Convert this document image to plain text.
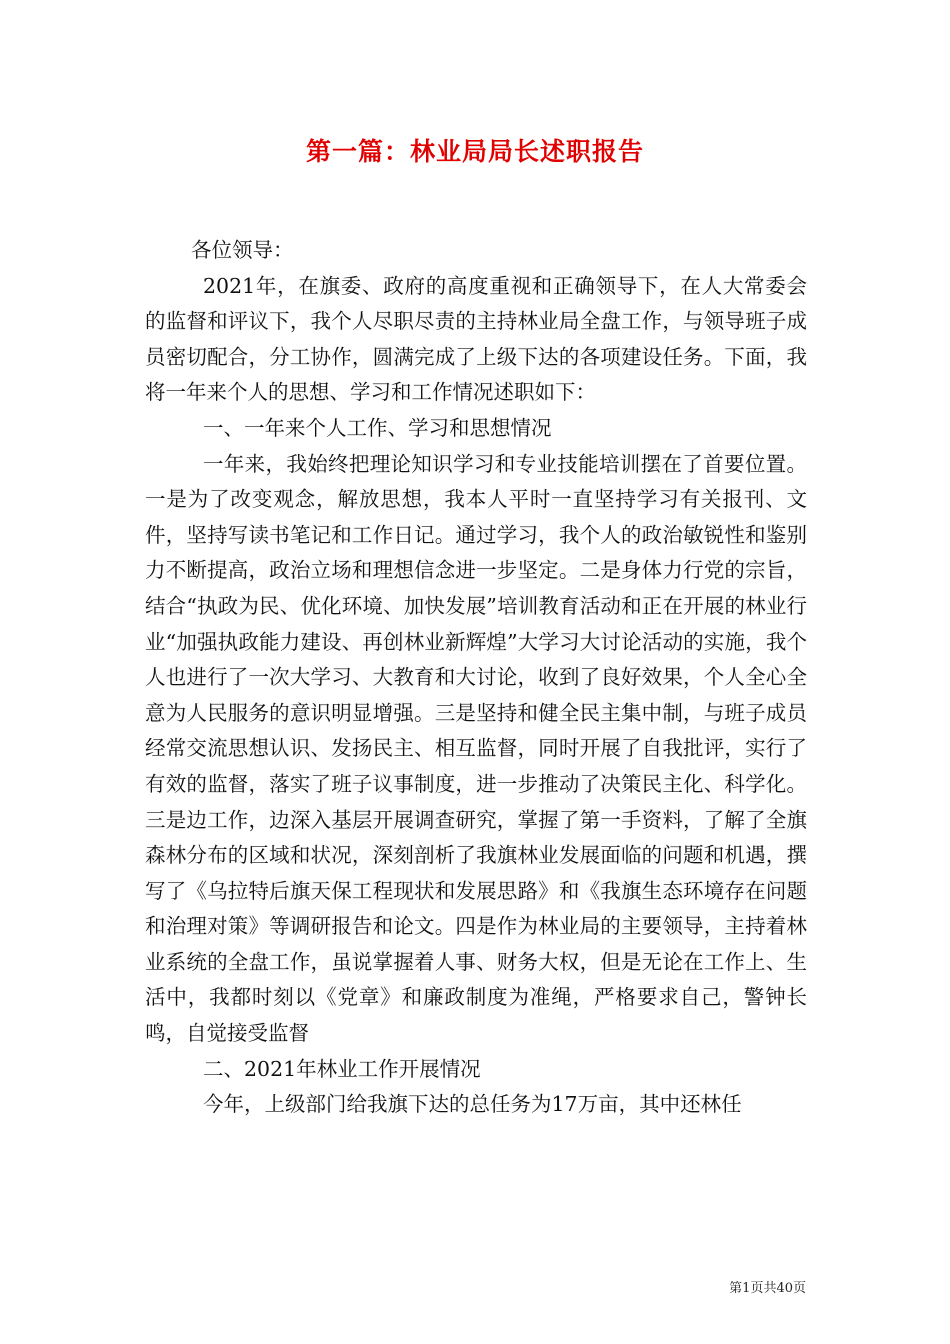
第一篇：林业局局长述职报告

各位领导：

2021年，在旗委、政府的高度重视和正确领导下，在人大常委会的监督和评议下，我个人尽职尽责的主持林业局全盘工作，与领导班子成员密切配合，分工协作，圆满完成了上级下达的各项建设任务。下面，我将一年来个人的思想、学习和工作情况述职如下：

一、一年来个人工作、学习和思想情况

一年来，我始终把理论知识学习和专业技能培训摆在了首要位置。一是为了改变观念，解放思想，我本人平时一直坚持学习有关报刊、文件，坚持写读书笔记和工作日记。通过学习，我个人的政治敏锐性和鉴别力不断提高，政治立场和理想信念进一步坚定。二是身体力行党的宗旨，结合“执政为民、优化环境、加快发展”培训教育活动和正在开展的林业行业“加强执政能力建设、再创林业新辉煌”大学习大讨论活动的实施，我个人也进行了一次大学习、大教育和大讨论，收到了良好效果，个人全心全意为人民服务的意识明显增强。三是坚持和健全民主集中制，与班子成员经常交流思想认识、发扬民主、相互监督，同时开展了自我批评，实行了有效的监督，落实了班子议事制度，进一步推动了决策民主化、科学化。三是边工作，边深入基层开展调查研究，掌握了第一手资料，了解了全旗森林分布的区域和状况，深刻剖析了我旗林业发展面临的问题和机遇，撰写了《乌拉特后旗天保工程现状和发展思路》和《我旗生态环境存在问题和治理对策》等调研报告和论文。四是作为林业局的主要领导，主持着林业系统的全盘工作，虽说掌握着人事、财务大权，但是无论在工作上、生活中，我都时刻以《党章》和廉政制度为准绳，严格要求自己，警钟长鸣，自觉接受监督

二、2021年林业工作开展情况

今年，上级部门给我旗下达的总任务为17万亩，其中还林任

第1页共40页
